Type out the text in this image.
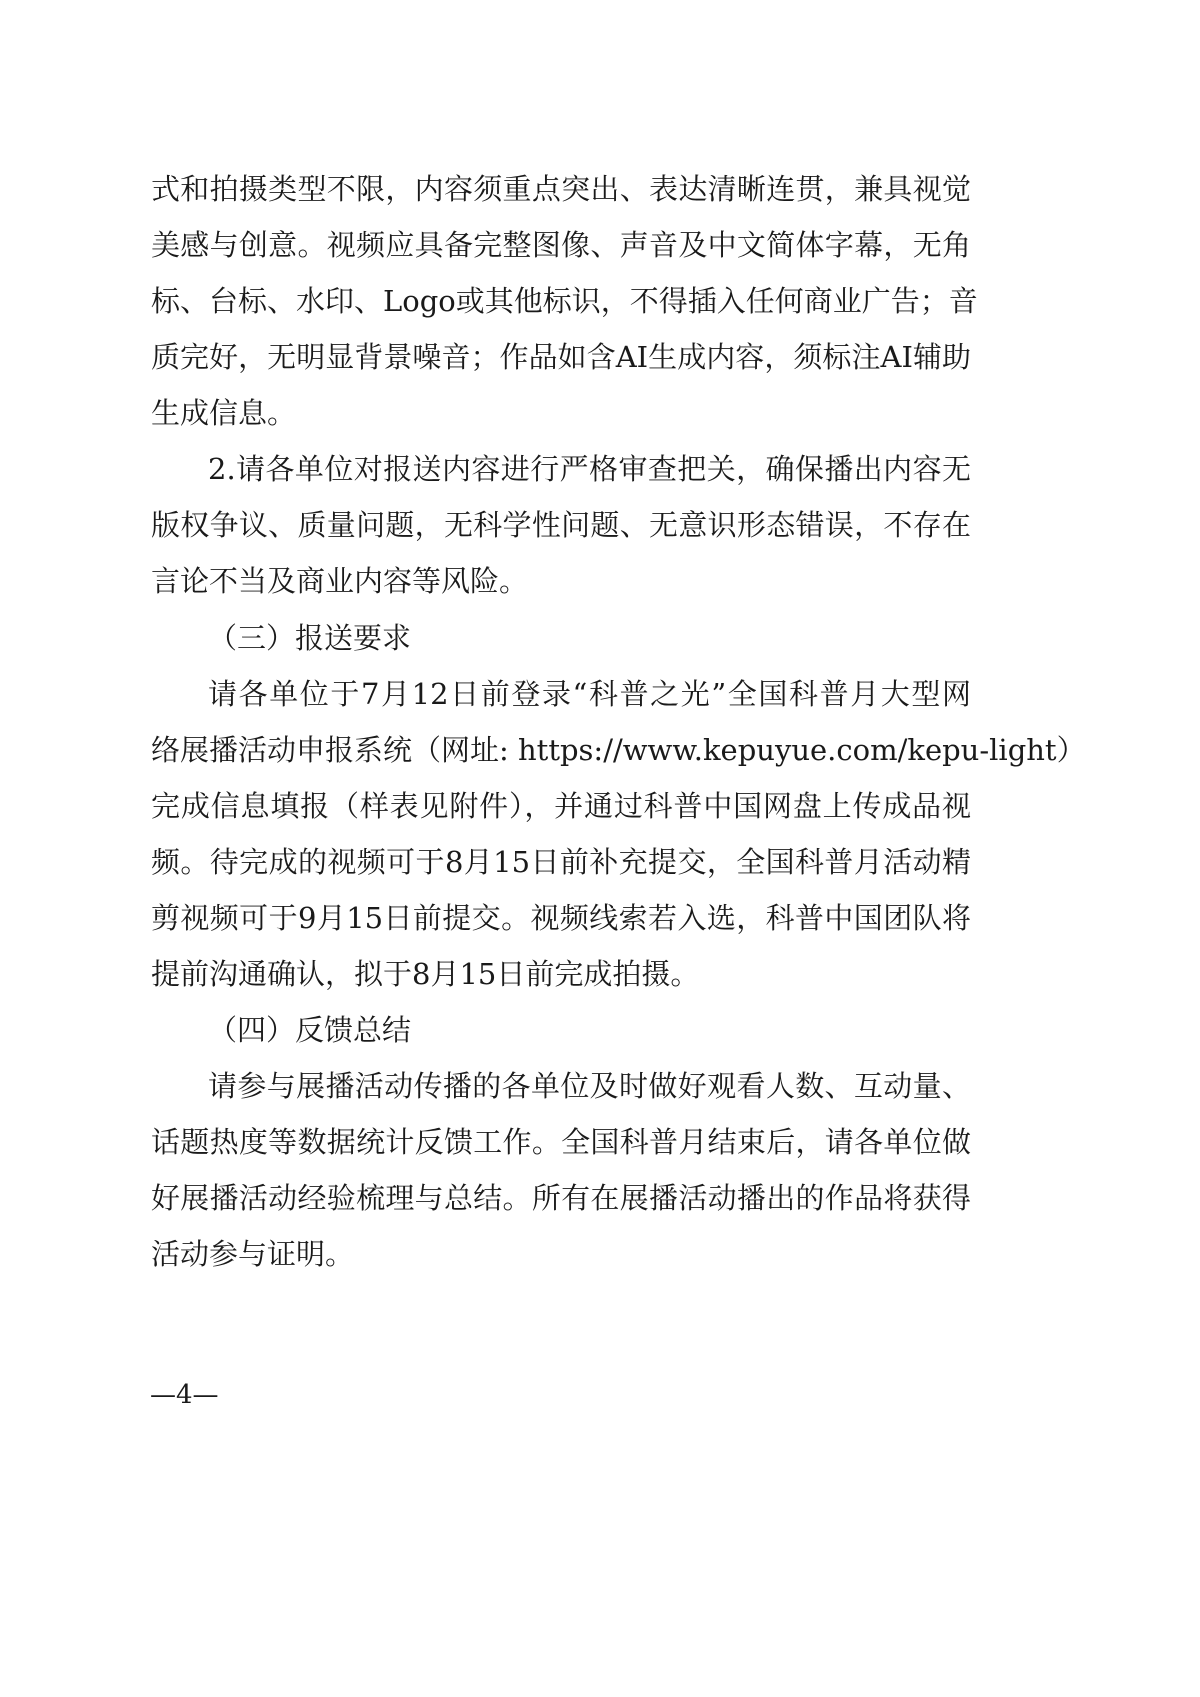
式和拍摄类型不限，内容须重点突出、表达清晰连贯，兼具视觉
美感与创意。视频应具备完整图像、声音及中文简体字幕，无角
标、台标、水印、Logo或其他标识，不得插入任何商业广告；音
质完好，无明显背景噪音；作品如含AI生成内容，须标注AI辅助
生成信息。
2.请各单位对报送内容进行严格审查把关，确保播出内容无
版权争议、质量问题，无科学性问题、无意识形态错误，不存在
言论不当及商业内容等风险。
（三）报送要求
请各单位于7月12日前登录“科普之光”全国科普月大型网
络展播活动申报系统（网址: https://www.kepuyue.com/kepu-light）
完成信息填报（样表见附件），并通过科普中国网盘上传成品视
频。待完成的视频可于8月15日前补充提交，全国科普月活动精
剪视频可于9月15日前提交。视频线索若入选，科普中国团队将
提前沟通确认，拟于8月15日前完成拍摄。
（四）反馈总结
请参与展播活动传播的各单位及时做好观看人数、互动量、
话题热度等数据统计反馈工作。全国科普月结束后，请各单位做
好展播活动经验梳理与总结。所有在展播活动播出的作品将获得
活动参与证明。
—4—
